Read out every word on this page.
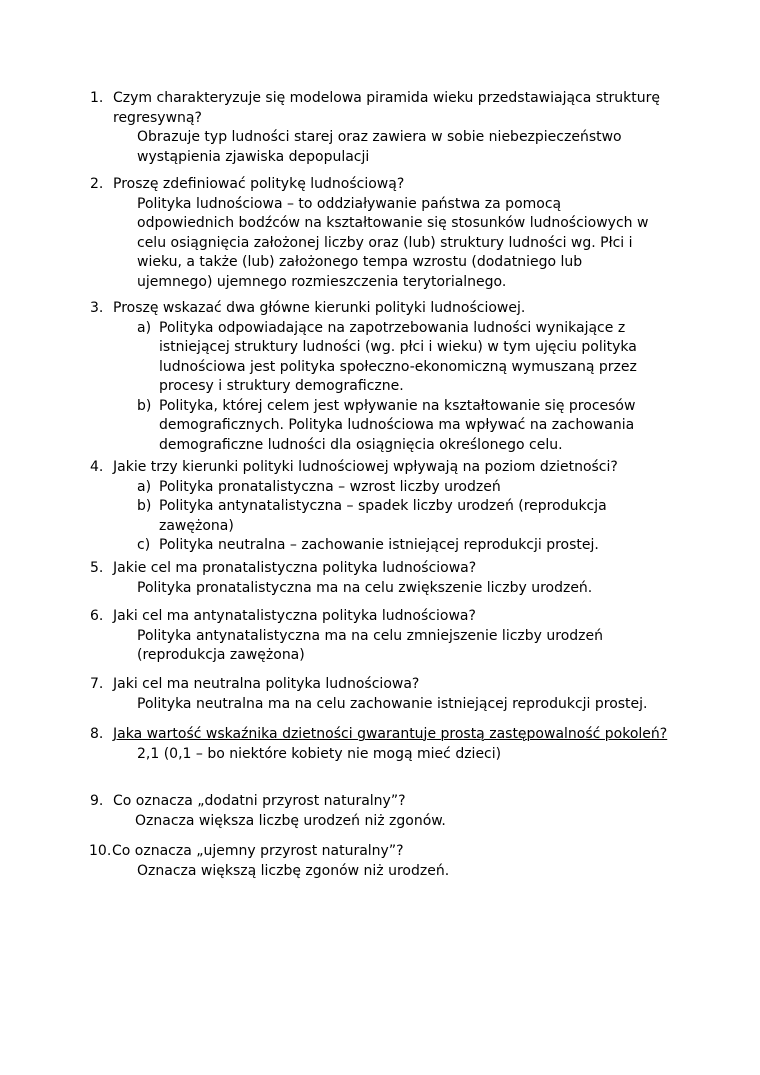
1. Czym charakteryzuje się modelowa piramida wieku przedstawiająca strukturę regresywną?
Obrazuje typ ludności starej oraz zawiera w sobie niebezpieczeństwo wystąpienia zjawiska depopulacji
2. Proszę zdefiniować politykę ludnościową?
Polityka ludnościowa – to oddziaływanie państwa za pomocą odpowiednich bodźców na kształtowanie się stosunków ludnościowych w celu osiągnięcia założonej liczby oraz (lub) struktury ludności wg. Płci i wieku, a także (lub) założonego tempa wzrostu (dodatniego lub ujemnego) ujemnego rozmieszczenia terytorialnego.
3. Proszę wskazać dwa główne kierunki polityki ludnościowej.
a) Polityka odpowiadające na zapotrzebowania ludności wynikające z istniejącej struktury ludności (wg. płci i wieku) w tym ujęciu polityka ludnościowa jest polityka społeczno-ekonomiczną wymuszaną przez procesy i struktury demograficzne.
b) Polityka, której celem jest wpływanie na kształtowanie się procesów demograficznych. Polityka ludnościowa ma wpływać na zachowania demograficzne ludności dla osiągnięcia określonego celu.
4. Jakie trzy kierunki polityki ludnościowej wpływają na poziom dzietności?
a) Polityka pronatalistyczna – wzrost liczby urodzeń
b) Polityka antynatalistyczna – spadek liczby urodzeń (reprodukcja zawężona)
c) Polityka neutralna – zachowanie istniejącej reprodukcji prostej.
5. Jakie cel ma pronatalistyczna polityka ludnościowa?
Polityka pronatalistyczna ma na celu zwiększenie liczby urodzeń.
6. Jaki cel ma antynatalistyczna polityka ludnościowa?
Polityka antynatalistyczna ma na celu zmniejszenie liczby urodzeń (reprodukcja zawężona)
7. Jaki cel ma neutralna polityka ludnościowa?
Polityka neutralna ma na celu zachowanie istniejącej reprodukcji prostej.
8. Jaka wartość wskaźnika dzietności gwarantuje prostą zastępowalność pokoleń?
2,1 (0,1 – bo niektóre kobiety nie mogą mieć dzieci)
9. Co oznacza „dodatni przyrost naturalny”?
Oznacza większa liczbę urodzeń niż zgonów.
10. Co oznacza „ujemny przyrost naturalny”?
Oznacza większą liczbę zgonów niż urodzeń.
